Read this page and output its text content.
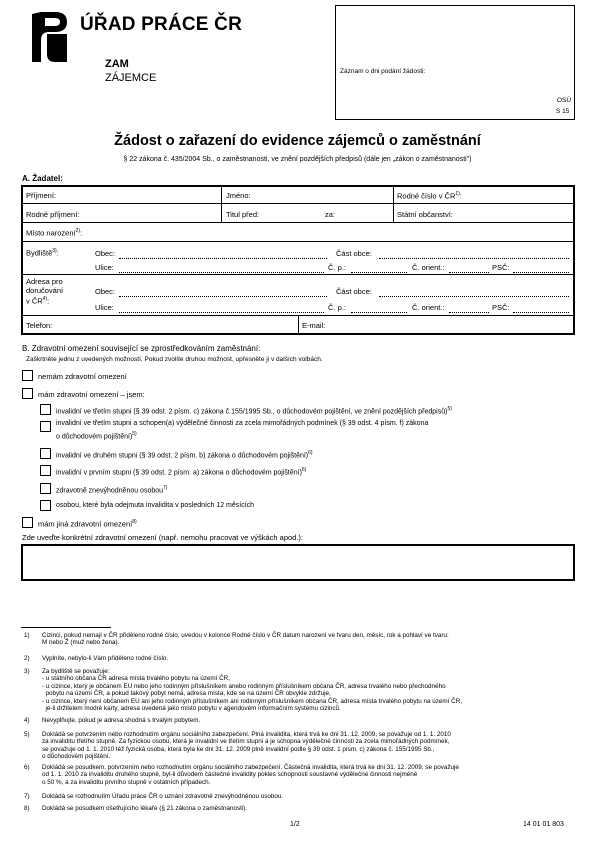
ÚŘAD PRÁCE ČR
ZAM
ZÁJEMCE
Záznam o dni podání žádosti:
OSÚ
S 15
Žádost o zařazení do evidence zájemců o zaměstnání
§ 22 zákona č. 435/2004 Sb., o zaměstnanosti, ve znění pozdějších předpisů (dále jen „zákon o zaměstnanosti")
A. Žadatel:
Příjmení:	Jméno:	Rodné číslo v ČR$^{1)}$:
Rodné příjmení:	Titul před:	za:	Státní občanství:
Místo narození$^{2)}$:
Bydliště$^{3)}$:	Obec:	Část obce:
Ulice:	Č. p.:	Č. orient.:	PSČ:
Adresa pro
doručování
v ČR$^{4)}$:
Obec:	Část obce:
Ulice:	Č. p.:	Č. orient.:	PSČ:
Telefon:	E-mail:
B. Zdravotní omezení související se zprostředkováním zaměstnání:
Zaškrtněte jednu z uvedených možností. Pokud zvolíte druhou možnost, upřesněte ji v dalších volbách.
nemám zdravotní omezení
mám zdravotní omezení – jsem:
invalidní ve třetím stupni (§ 39 odst. 2 písm. c) zákona č.155/1995 Sb., o důchodovém pojištění, ve znění pozdějších předpisů)$^{5)}$
invalidní ve třetím stupni a schopen(a) výdělečné činnosti za zcela mimořádných podmínek (§ 39 odst. 4 písm. f) zákona
o důchodovém pojištění)$^{5)}$
invalidní ve druhém stupni (§ 39 odst. 2 písm. b) zákona o důchodovém pojištění)$^{6)}$
invalidní v prvním stupni (§ 39 odst. 2 písm. a) zákona o důchodovém pojištění)$^{6)}$
zdravotně znevýhodněnou osobou$^{7)}$
osobou, které byla odejmuta invalidita v posledních 12 měsících
mám jiná zdravotní omezení$^{8)}$
Zde uveďte konkrétní zdravotní omezení (např. nemohu pracovat ve výškách apod.):
1) Cizinci, pokud nemají v ČR přiděleno rodné číslo, uvedou v kolonce Rodné číslo v ČR datum narození ve tvaru den, měsíc, rok a pohlaví ve tvaru:
M nebo Ž (muž nebo žena).
2) Vyplníte, nebylo-li Vám přiděleno rodné číslo.
3) Za bydliště se považuje:
- u státního občana ČR adresa místa trvalého pobytu na území ČR,
- u cizince, který je občanem EU nebo jeho rodinným příslušníkem anebo rodinným příslušníkem občana ČR, adresa trvalého nebo přechodného
pobytu na území ČR, a pokud takový pobyt nemá, adresa místa, kde se na území ČR obvykle zdržuje,
- u cizince, který není občanem EU ani jeho rodinným příslušníkem ani rodinným příslušníkem občana ČR, adresa místa trvalého pobytu na území ČR,
je-li držitelem modré karty, adresa uvedená jako místo pobytu v agendovém informačním systému cizinců.
4) Nevyplňujte, pokud je adresa shodná s trvalým pobytem.
5) Dokládá se potvrzením nebo rozhodnutím orgánu sociálního zabezpečení. Plná invalidita, která trvá ke dni 31. 12. 2009, se považuje od 1. 1. 2010
za invaliditu třetího stupně. Za fyzickou osobu, která je invalidní ve třetím stupni a je schopna výdělečné činnosti za zcela mimořádných podmínek,
se považuje od 1. 1. 2010 též fyzická osoba, která byla ke dni 31. 12. 2009 plně invalidní podle § 39 odst. 1 písm. c) zákona č. 155/1995 Sb.,
o důchodovém pojištění.
6) Dokládá se posudkem, potvrzením nebo rozhodnutím orgánu sociálního zabezpečení. Částečná invalidita, která trvá ke dni 31. 12. 2009, se považuje
od 1. 1. 2010 za invaliditu druhého stupně, byl-li důvodem částečné invalidity pokles schopnosti soustavné výdělečné činnosti nejméně
o 50 %, a za invaliditu prvního stupně v ostatních případech.
7) Dokládá se rozhodnutím Úřadu práce ČR o uznání zdravotně znevýhodněnou osobou.
8) Dokládá se posudkem ošetřujícího lékaře (§ 21 zákona o zaměstnanosti).
1/2	14 01 01 803
